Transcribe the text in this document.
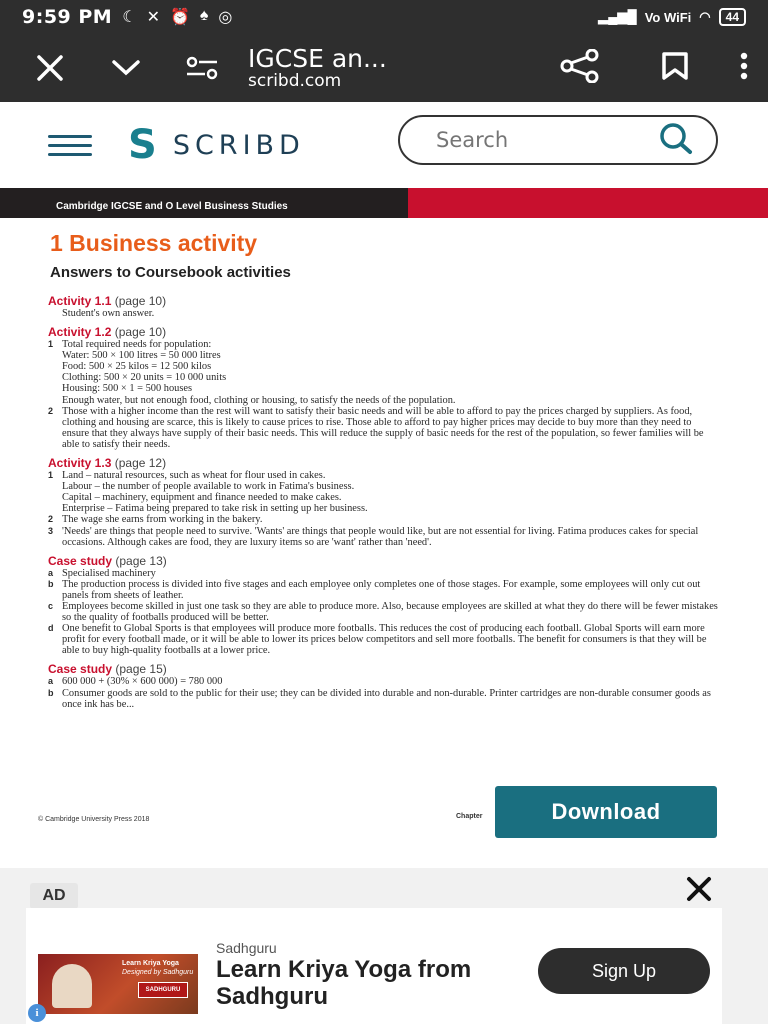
9:59 PM ☾ ✕ ⏰ ♠ ◎	▂▄▆█ Vo WiFi ◠	44
IGCSE an...
scribd.com
S SCRIBD
Search
Cambridge IGCSE and O Level Business Studies
1 Business activity
Answers to Coursebook activities
Activity 1.1 (page 10)
Student's own answer.
Activity 1.2 (page 10)
1 Total required needs for population:
Water: 500 × 100 litres = 50 000 litres
Food: 500 × 25 kilos = 12 500 kilos
Clothing: 500 × 20 units = 10 000 units
Housing: 500 × 1 = 500 houses
Enough water, but not enough food, clothing or housing, to satisfy the needs of the population.
2 Those with a higher income than the rest will want to satisfy their basic needs and will be able to afford to pay the prices charged by suppliers. As food, clothing and housing are scarce, this is likely to cause prices to rise. Those able to afford to pay higher prices may decide to buy more than they need to ensure that they always have supply of their basic needs. This will reduce the supply of basic needs for the rest of the population, so fewer families will be able to satisfy their needs.
Activity 1.3 (page 12)
1 Land – natural resources, such as wheat for flour used in cakes.
Labour – the number of people available to work in Fatima's business.
Capital – machinery, equipment and finance needed to make cakes.
Enterprise – Fatima being prepared to take risk in setting up her business.
2 The wage she earns from working in the bakery.
3 'Needs' are things that people need to survive. 'Wants' are things that people would like, but are not essential for living. Fatima produces cakes for special occasions. Although cakes are food, they are luxury items so are 'want' rather than 'need'.
Case study (page 13)
a Specialised machinery
b The production process is divided into five stages and each employee only completes one of those stages. For example, some employees will only cut out panels from sheets of leather.
c Employees become skilled in just one task so they are able to produce more. Also, because employees are skilled at what they do there will be fewer mistakes so the quality of footballs produced will be better.
d One benefit to Global Sports is that employees will produce more footballs. This reduces the cost of producing each football. Global Sports will earn more profit for every football made, or it will be able to lower its prices below competitors and sell more footballs. The benefit for consumers is that they will be able to buy high-quality footballs at a lower price.
Case study (page 15)
a 600 000 + (30% × 600 000) = 780 000
b Consumer goods are sold to the public for their use; they can be divided into durable and non-durable. Printer cartridges are non-durable consumer goods as once ink has be...
© Cambridge University Press 2018	Chapter	Download
AD
Learn Kriya Yoga
Designed by Sadhguru
SADHGURU
Sadhguru
Learn Kriya Yoga from Sadhguru
Sign Up
i
